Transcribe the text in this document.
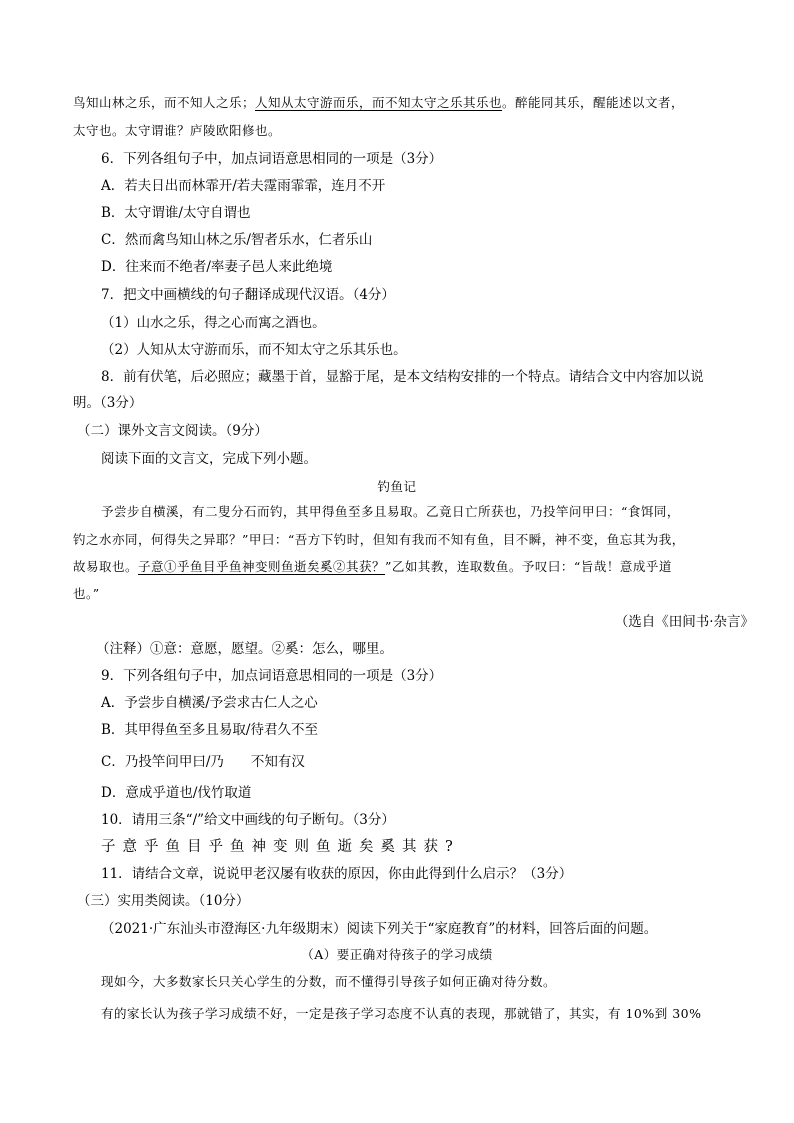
鸟知山林之乐，而不知人之乐；人知从太守游而乐，而不知太守之乐其乐也。醉能同其乐，醒能述以文者，
太守也。太守谓谁？庐陵欧阳修也。
6．下列各组句子中，加点词语意思相同的一项是（3分）
A．若夫日出而林霏开/若夫霪雨霏霏，连月不开
B．太守谓谁/太守自谓也
C．然而禽鸟知山林之乐/智者乐水，仁者乐山
D．往来而不绝者/率妻子邑人来此绝境
7．把文中画横线的句子翻译成现代汉语。（4分）
（1）山水之乐，得之心而寓之酒也。
（2）人知从太守游而乐，而不知太守之乐其乐也。
8．前有伏笔，后必照应；藏墨于首，显豁于尾，是本文结构安排的一个特点。请结合文中内容加以说
明。（3分）
（二）课外文言文阅读。（9分）
阅读下面的文言文，完成下列小题。
钓鱼记
予尝步自横溪，有二叟分石而钓，其甲得鱼至多且易取。乙竟日亡所获也，乃投竿问甲曰：“食饵同，
钓之水亦同，何得失之异耶？”甲曰：“吾方下钓时，但知有我而不知有鱼，目不瞬，神不变，鱼忘其为我，
故易取也。子意①乎鱼目乎鱼神变则鱼逝矣奚②其获？”乙如其教，连取数鱼。予叹曰：“旨哉！意成乎道
也。”
（选自《田间书·杂言》
（注释）①意：意愿，愿望。②奚：怎么，哪里。
9．下列各组句子中，加点词语意思相同的一项是（3分）
A．予尝步自横溪/予尝求古仁人之心
B．其甲得鱼至多且易取/待君久不至
C．乃投竿问甲曰/乃　　不知有汉
D．意成乎道也/伐竹取道
10．请用三条“/”给文中画线的句子断句。（3分）
子意乎鱼目乎鱼神变则鱼逝矣奚其获?
11．请结合文章，说说甲老汉屡有收获的原因，你由此得到什么启示？（3分）
（三）实用类阅读。（10分）
（2021·广东汕头市澄海区·九年级期末）阅读下列关于“家庭教育”的材料，回答后面的问题。
（A）要正确对待孩子的学习成绩
现如今，大多数家长只关心学生的分数，而不懂得引导孩子如何正确对待分数。
有的家长认为孩子学习成绩不好，一定是孩子学习态度不认真的表现，那就错了，其实，有 10%到 30%
